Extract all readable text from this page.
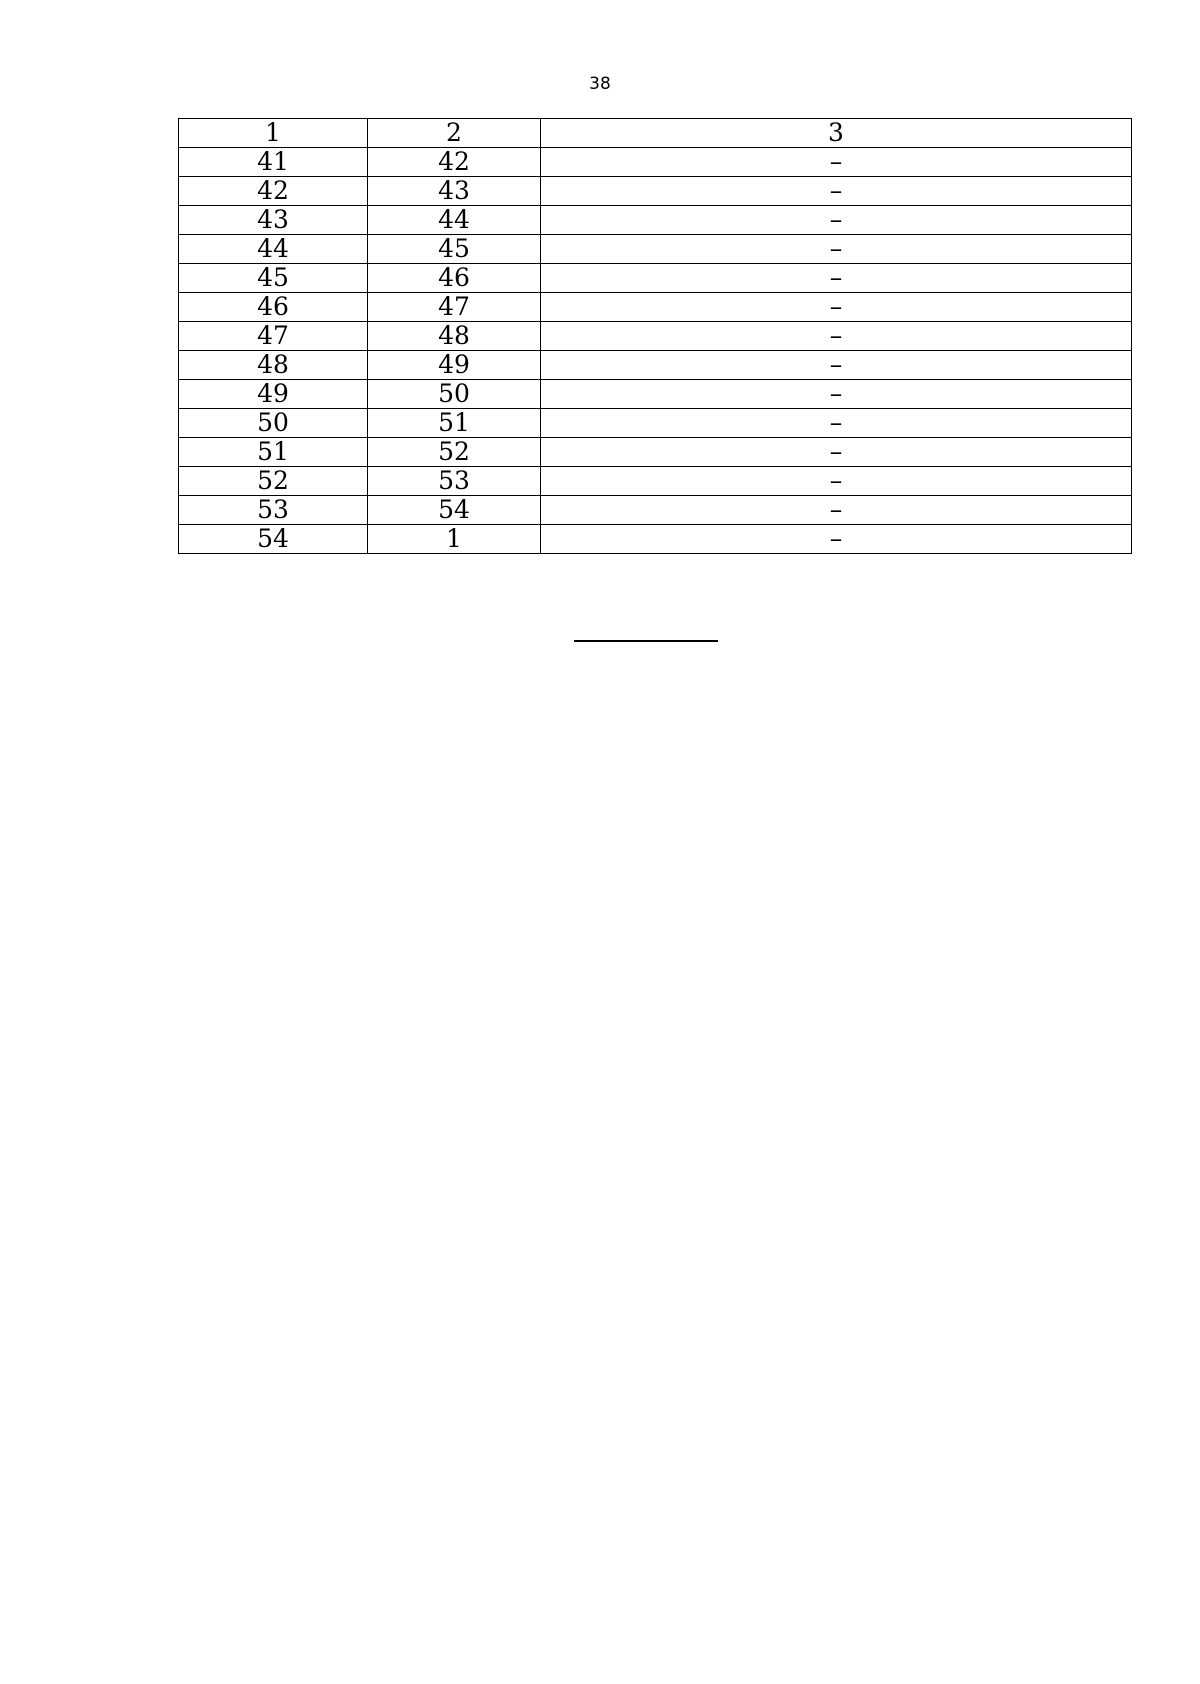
38
1	2	3
41	42	–
42	43	–
43	44	–
44	45	–
45	46	–
46	47	–
47	48	–
48	49	–
49	50	–
50	51	–
51	52	–
52	53	–
53	54	–
54	1	–
